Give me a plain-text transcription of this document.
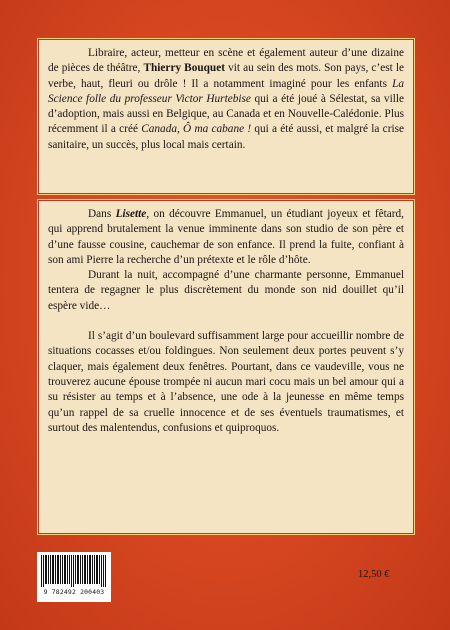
Libraire, acteur, metteur en scène et également auteur d’une dizaine de pièces de théâtre, Thierry Bouquet vit au sein des mots. Son pays, c’est le verbe, haut, fleuri ou drôle ! Il a notamment imaginé pour les enfants La Science folle du professeur Victor Hurtebise qui a été joué à Sélestat, sa ville d’adoption, mais aussi en Belgique, au Canada et en Nouvelle-Calédonie. Plus récemment il a créé Canada, Ô ma cabane ! qui a été aussi, et malgré la crise sanitaire, un succès, plus local mais certain.

Dans Lisette, on découvre Emmanuel, un étudiant joyeux et fêtard, qui apprend brutalement la venue imminente dans son studio de son père et d’une fausse cousine, cauchemar de son enfance. Il prend la fuite, confiant à son ami Pierre la recherche d’un prétexte et le rôle d’hôte.

Durant la nuit, accompagné d’une charmante personne, Emmanuel tentera de regagner le plus discrètement du monde son nid douillet qu’il espère vide…

Il s’agit d’un boulevard suffisamment large pour accueillir nombre de situations cocasses et/ou foldingues. Non seulement deux portes peuvent s’y claquer, mais également deux fenêtres. Pourtant, dans ce vaudeville, vous ne trouverez aucune épouse trompée ni aucun mari cocu mais un bel amour qui a su résister au temps et à l’absence, une ode à la jeunesse en même temps qu’un rappel de sa cruelle innocence et de ses éventuels traumatismes, et surtout des malentendus, confusions et quiproquos.

9 782492 200403
12,50 €
